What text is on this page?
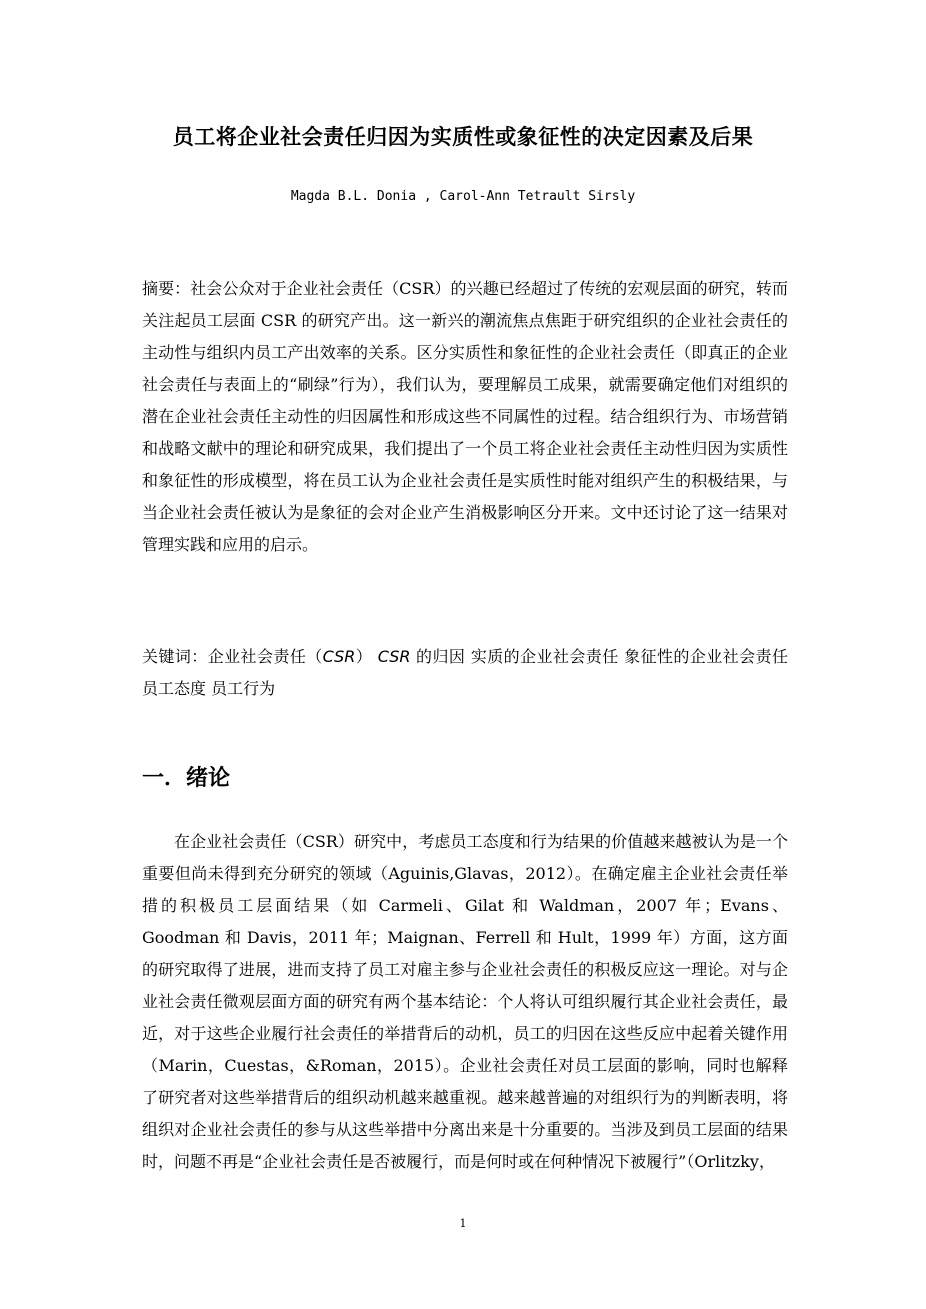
员工将企业社会责任归因为实质性或象征性的决定因素及后果
Magda B.L. Donia , Carol-Ann Tetrault Sirsly

摘要：社会公众对于企业社会责任（CSR）的兴趣已经超过了传统的宏观层面的研究，转而关注起员工层面 CSR 的研究产出。这一新兴的潮流焦点焦距于研究组织的企业社会责任的主动性与组织内员工产出效率的关系。区分实质性和象征性的企业社会责任（即真正的企业社会责任与表面上的“刷绿”行为），我们认为，要理解员工成果，就需要确定他们对组织的潜在企业社会责任主动性的归因属性和形成这些不同属性的过程。结合组织行为、市场营销和战略文献中的理论和研究成果，我们提出了一个员工将企业社会责任主动性归因为实质性和象征性的形成模型，将在员工认为企业社会责任是实质性时能对组织产生的积极结果，与当企业社会责任被认为是象征的会对企业产生消极影响区分开来。文中还讨论了这一结果对管理实践和应用的启示。

关键词：企业社会责任（CSR） CSR 的归因 实质的企业社会责任 象征性的企业社会责任 员工态度 员工行为

一．绪论

在企业社会责任（CSR）研究中，考虑员工态度和行为结果的价值越来越被认为是一个重要但尚未得到充分研究的领域（Aguinis,Glavas，2012）。在确定雇主企业社会责任举措的积极员工层面结果（如 Carmeli、Gilat 和 Waldman，2007 年；Evans、Goodman 和 Davis，2011 年；Maignan、Ferrell 和 Hult，1999 年）方面，这方面的研究取得了进展，进而支持了员工对雇主参与企业社会责任的积极反应这一理论。对与企业社会责任微观层面方面的研究有两个基本结论：个人将认可组织履行其企业社会责任，最近，对于这些企业履行社会责任的举措背后的动机，员工的归因在这些反应中起着关键作用（Marin，Cuestas，&Roman，2015）。企业社会责任对员工层面的影响，同时也解释了研究者对这些举措背后的组织动机越来越重视。越来越普遍的对组织行为的判断表明，将组织对企业社会责任的参与从这些举措中分离出来是十分重要的。当涉及到员工层面的结果时，问题不再是“企业社会责任是否被履行，而是何时或在何种情况下被履行”（Orlitzky，

1
